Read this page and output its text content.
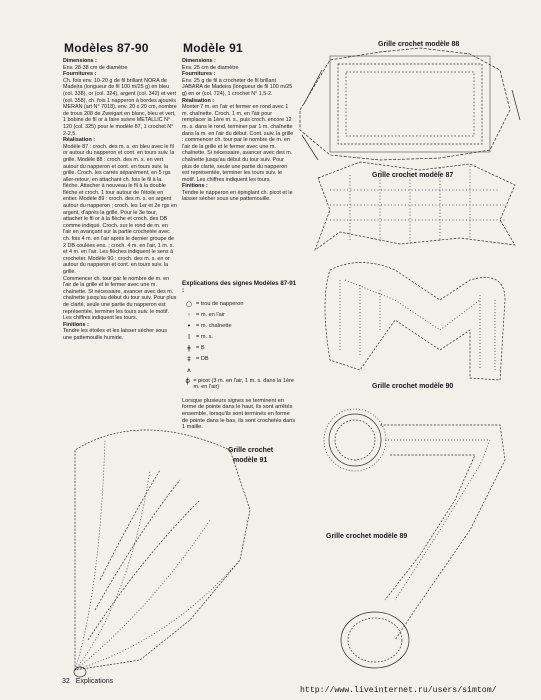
Modèles 87-90	Modèle 91

Dimensions :

Env. 28-38 cm de diamètre

Fournitures :

Ch. fois env. 10-20 g de fil brillant NORA de Madeira (longueur de fil 100 m/25 g) en bleu (col. 338), or (col. 324), argent (col. 342) et vert (col. 358), ch. fois 1 napperon à bordes ajourés MERAN (art N° 7018), env. 20 x 20 cm, nombre de trous 208 de Zweigart en blanc, bleu et vert, 1 bobine de fil or à faire suivre METALLIC N° 120 (col. 325) pour le modèle 87, 1 crochet N° 2-2,5.

Réalisation :

Modèle 87 : croch. des m. s. en bleu avec le fil or autour du napperon et cont. en tours suiv. la grille. Modèle 88 : croch. des m. s. en vert autour du napperon et cont. en tours suiv. la grille. Croch. les carrés séparément, en 5 rgs aller-retour, en attachant ch. fois le fil à la flèche. Attacher à nouveau le fil à la double flèche et croch. 1 tour autour de l'étoile en entier. Modèle 89 : croch. des m. s. en argent autour du napperon ; croch. les 1er et 2e rgs en argent, d'après la grille. Pour le 3e tour, attacher le fil or à la flèche et croch. des DB comme indiqué. Croch. sur le rond de m. en l'air en avançant sur la partie crochetée avec ch. fois 4 m. en l'air après le dernier groupe de 2 DB coulées ens. ; croch. 4 m. en l'air, 1 m. s. et 4 m. en l'air. Les flèches indiquent le sens à crocheter. Modèle 90 : croch. des m. s. en or autour du napperon et cont. en tours suiv. la grille.

Commencer ch. tour par le nombre de m. en l'air de la grille et le fermer avec une m. chaînette. Si nécessaire, avancer avec des m. chaînette jusqu'au début du tour suiv. Pour plus de clarté, seule une partie du napperon est représentée, terminer les tours suiv. le motif. Les chiffres indiquent les tours.

Finitions :

Tendre les étoiles et les laisser sécher sous une pattemouille humide.

Dimensions :

Env. 25 cm de diamètre

Fournitures :

Env. 25 g de fil à crocheter de fil brillant JABARA de Madeira (longueur de fil 100 m/25 g) en or (col. 724), 1 crochet N° 1,5-2.

Réalisation :

Monter 7 m. en l'air et fermer en rond avec 1 m. chaînette. Croch. 1 m. en l'air pour remplacer la 1ère m. s., puis croch. encore 12 m. s. dans le rond, terminer par 1 m. chaînette dans la m. en l'air du début. Cont. suiv. la grille : commencer ch. tour par le nombre de m. en l'air de la grille et le fermer avec une m. chaînette. Si nécessaire, avancer avec des m. chaînette jusqu'au début du tour suiv. Pour plus de clarté, seule une partie du napperon est représentée, terminer les tours suiv. le motif. Les chiffres indiquent les tours.

Finitions :

Tendre le napperon en épinglant ch. picot et le laisser sécher sous une pattemouille.

Explications des signes Modèles 87-91 :
○ = trou de napperon
◦ = m. en l'air
• = m. chaînette
I	= m. s.
ǂ = B
‡ = DB
⩚
ϕ = picot (3 m. en l'air, 1 m. s. dans la 1ère m. en l'air)
Lorsque plusieurs signes se terminent en forme de pointe dans le haut, ils sont arrêtés ensemble, lorsqu'ils sont terminés en forme de pointe dans le bas, ils sont crochetés dans 1 maille.
Grille crochet modèle 88
Grille crochet modèle 87
Grille crochet modèle 90
Grille crochet modèle 89
Grille crochet
modèle 91
32 Explications
http://www.liveinternet.ru/users/simtom/
